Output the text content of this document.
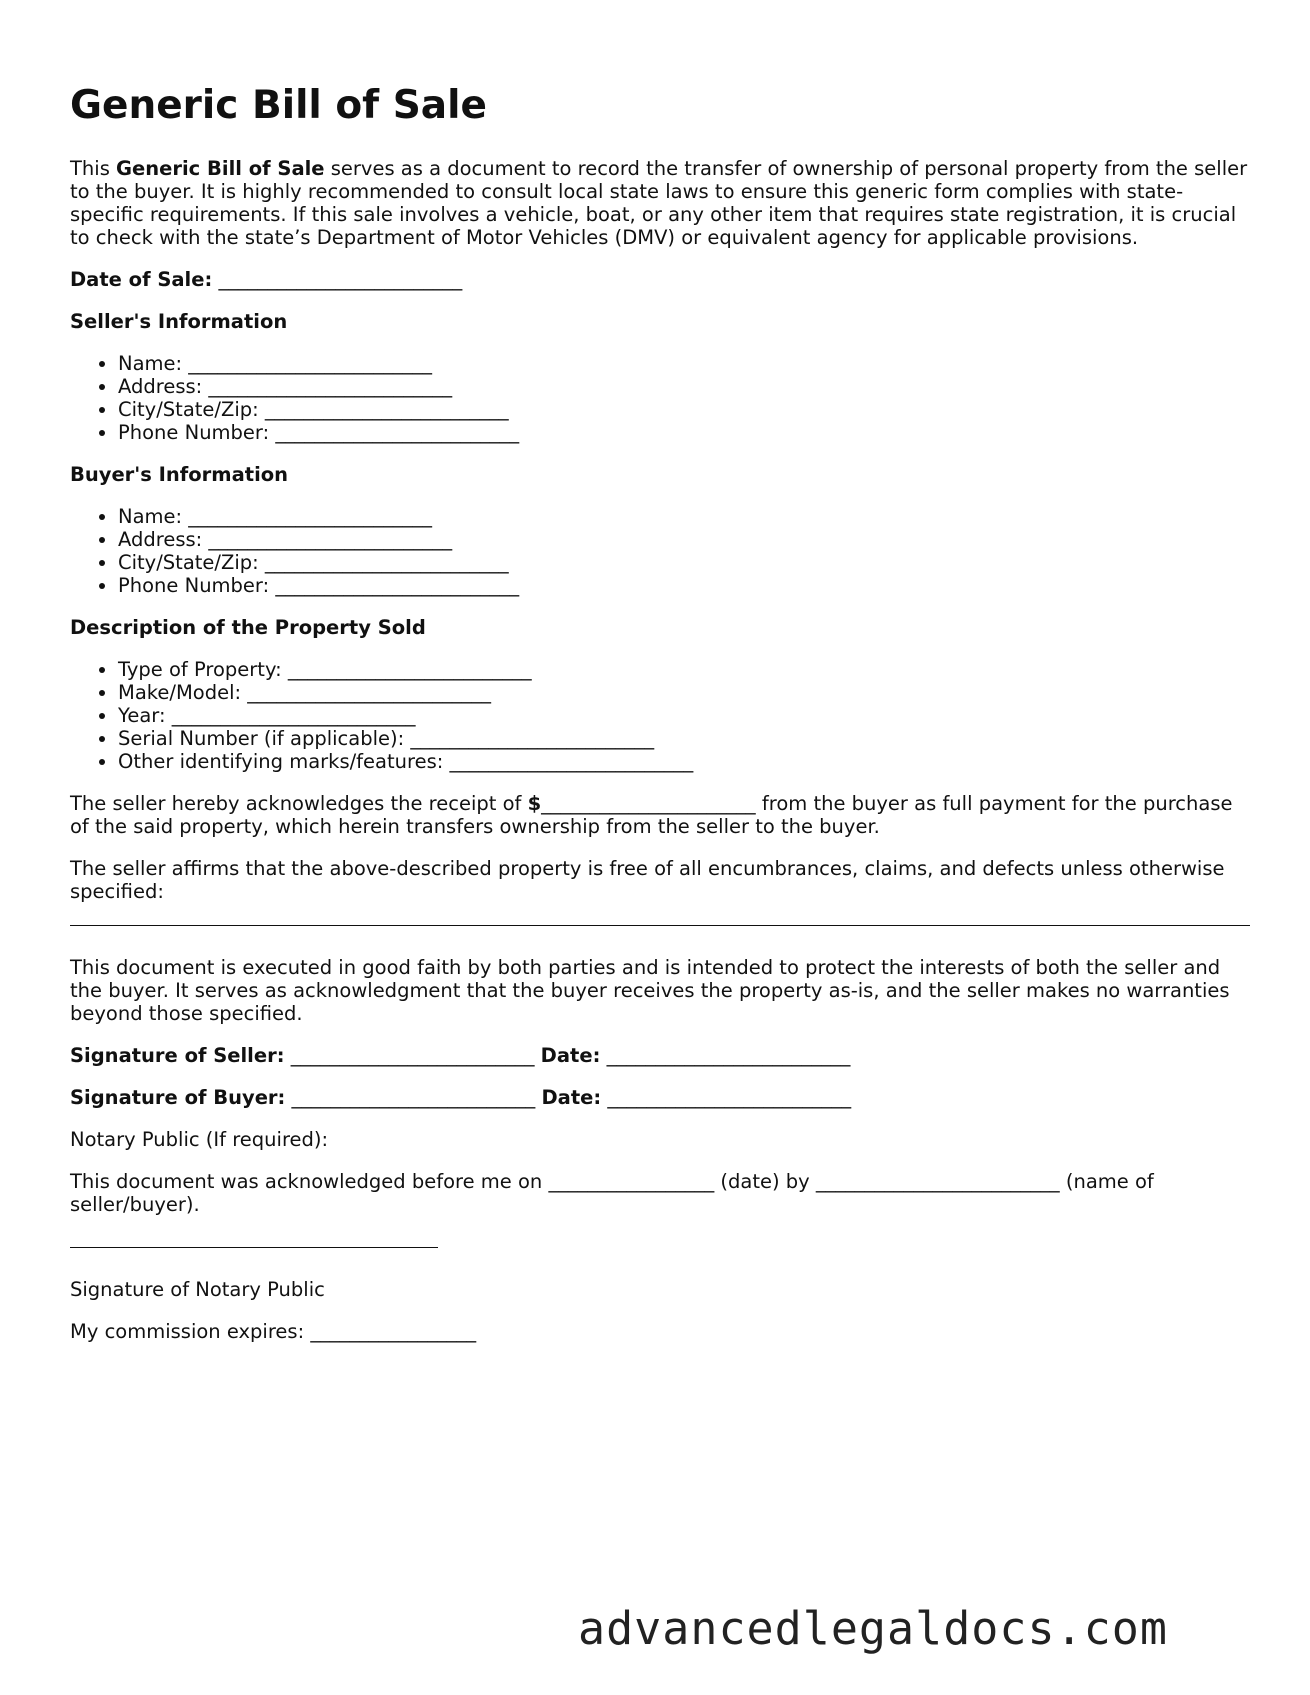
Generic Bill of Sale

This Generic Bill of Sale serves as a document to record the transfer of ownership of personal property from the seller to the buyer. It is highly recommended to consult local state laws to ensure this generic form complies with state-specific requirements. If this sale involves a vehicle, boat, or any other item that requires state registration, it is crucial to check with the state’s Department of Motor Vehicles (DMV) or equivalent agency for applicable provisions.

Date of Sale: _________________________

Seller's Information
• Name: _________________________
• Address: _________________________
• City/State/Zip: _________________________
• Phone Number: _________________________
Buyer's Information
• Name: _________________________
• Address: _________________________
• City/State/Zip: _________________________
• Phone Number: _________________________
Description of the Property Sold
• Type of Property: _________________________
• Make/Model: _________________________
• Year: _________________________
• Serial Number (if applicable): _________________________
• Other identifying marks/features: _________________________

The seller hereby acknowledges the receipt of $______________________ from the buyer as full payment for the purchase of the said property, which herein transfers ownership from the seller to the buyer.

The seller affirms that the above-described property is free of all encumbrances, claims, and defects unless otherwise specified:

This document is executed in good faith by both parties and is intended to protect the interests of both the seller and the buyer. It serves as acknowledgment that the buyer receives the property as-is, and the seller makes no warranties beyond those specified.

Signature of Seller: _________________________ Date: _________________________

Signature of Buyer: _________________________ Date: _________________________

Notary Public (If required):

This document was acknowledged before me on _________________ (date) by _________________________ (name of seller/buyer).

Signature of Notary Public

My commission expires: _________________

advancedlegaldocs.com
